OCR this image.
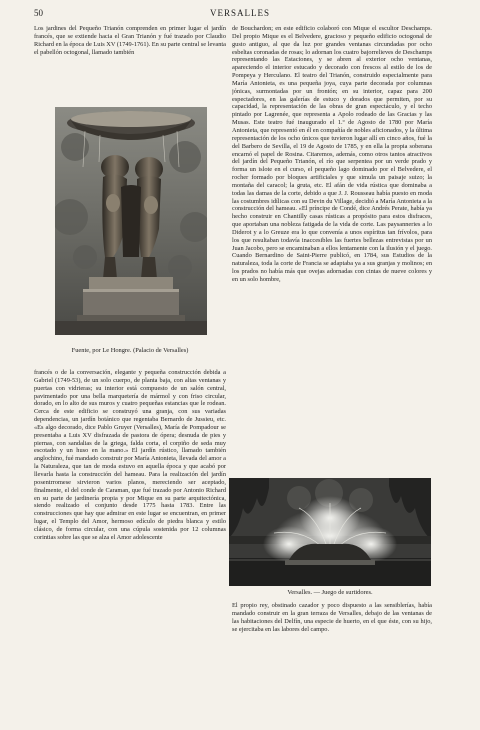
50	VERSALLES

Los jardines del Pequeño Trianón comprenden en primer lugar el jardín francés, que se extiende hacia el Gran Trianón y fué trazado por Claudio Richard en la época de Luis XV (1749-1761). En su parte central se levanta el pabellón octogonal, llamado también

Fuente, por Le Hongre. (Palacio de Versalles)

francés o de la conversación, elegante y pequeña construcción debida a Gabriel (1749-53), de un solo cuerpo, de planta baja, con altas ventanas y puertas con vidrieras; su interior está compuesto de un salón central, pavimentado por una bella marquetería de mármol y con friso circular, dorado, en lo alto de sus muros y cuatro pequeñas estancias que le rodean. Cerca de este edificio se construyó una granja, con sus variadas dependencias, un jardín botánico que regentaba Bernardo de Jussieu, etc. «Es algo decorado, dice Pablo Gruyer (Versalles), María de Pompadour se presentaba a Luis XV disfrazada de pastora de ópera; desnuda de pies y piernas, con sandalias de la griega, falda corta, el corpiño de seda muy escotado y un huso en la mano.» El jardín rústico, llamado también anglochino, fué mandado construir por María Antonieta, llevada del amor a la Naturaleza, que tan de moda estuvo en aquella época y que acabó por llevarla hasta la construcción del hameau. Para la realización del jardín posentrromese sirvieron varios planos, mereciendo ser aceptado, finalmente, el del conde de Caraman, que fué trazado por Antonio Richard en su parte de jardinería propia y por Mique en su parte arquitectónica, siendo realizado el conjunto desde 1775 hasta 1783. Entre las construcciones que hay que admirar en este lugar se encuentran, en primer lugar, el Templo del Amor, hermoso edículo de piedra blanca y estilo clásico, de forma circular, con una cúpula sostenida por 12 columnas corintias sobre las que se alza el Amor adolescente

de Bouchardon; en este edificio colaboró con Mique el escultor Deschamps. Del propio Mique es el Belvedere, gracioso y pequeño edificio octogonal de gusto antiguo, al que da luz por grandes ventanas circundadas por ocho esbeltas coronadas de rosas; lo adornan los cuatro bajorrelieves de Deschamps representando las Estaciones, y se abren al exterior ocho ventanas, apareciendo el interior estucado y decorado con frescos al estilo de los de Pompeya y Herculano. El teatro del Trianón, construido especialmente para María Antonieta, es una pequeña joya, cuya parte decorada por columnas jónicas, surmontadas por un frontón; en su interior, capaz para 200 espectadores, en las galerías de estuco y dorados que permiten, por su capacidad, la representación de las obras de gran espectáculo, y el techo pintado por Lagrenée, que representa a Apolo rodeado de las Gracias y las Musas. Este teatro fué inaugurado el 1.º de Agosto de 1780 por María Antonieta, que representó en él en compañía de nobles aficionados, y la última representación de los ocho únicos que tuvieron lugar allí en cinco años, fué la del Barbero de Sevilla, el 19 de Agosto de 1785, y en ella la propia soberana encarnó el papel de Rosina. Citaremos, además, como otros tantos atractivos del jardín del Pequeño Trianón, el río que serpentea por un verde prado y forma un islote en el curso, el pequeño lago dominado por el Belvedere, el rocher formado por bloques artificiales y que simula un paisaje suizo; la montaña del caracol; la gruta, etc. El afán de vida rústica que dominaba a todas las damas de la corte, debido a que J. J. Rousseau había puesto en moda las costumbres idílicas con su Devin du Village, decidió a María Antonieta a la construcción del hameau. «El príncipe de Condé, dice Andrés Perate, había ya hecho construir en Chantilly casas rústicas a propósito para estos disfraces, que aportaban una nobleza fatigada de la vida de corte. Las paysanneries a lo Diderot y a lo Greuze era lo que convenía a unos espíritus tan frívolos, para los que resultaban todavía inaccesibles las fuertes bellezas entrevistas por un Juan Jacobo, pero se encaminaban a ellos lentamente con la ilusión y el juego. Cuando Bernardino de Saint-Pierre publicó, en 1784, sus Estudios de la naturaleza, toda la corte de Francia se adaptaba ya a sus granjas y molinos; en los prados no había más que ovejas adornadas con cintas de nueve colores y en un solo hombre,

Versalles. — Juego de surtidores.

El propio rey, obstinado cazador y poco dispuesto a las sensiblerías, había mandado construir en la gran terraza de Versalles, debajo de las ventanas de las habitaciones del Delfín, una especie de huerto, en el que éste, con su hijo, se ejercitaba en las labores del campo.
